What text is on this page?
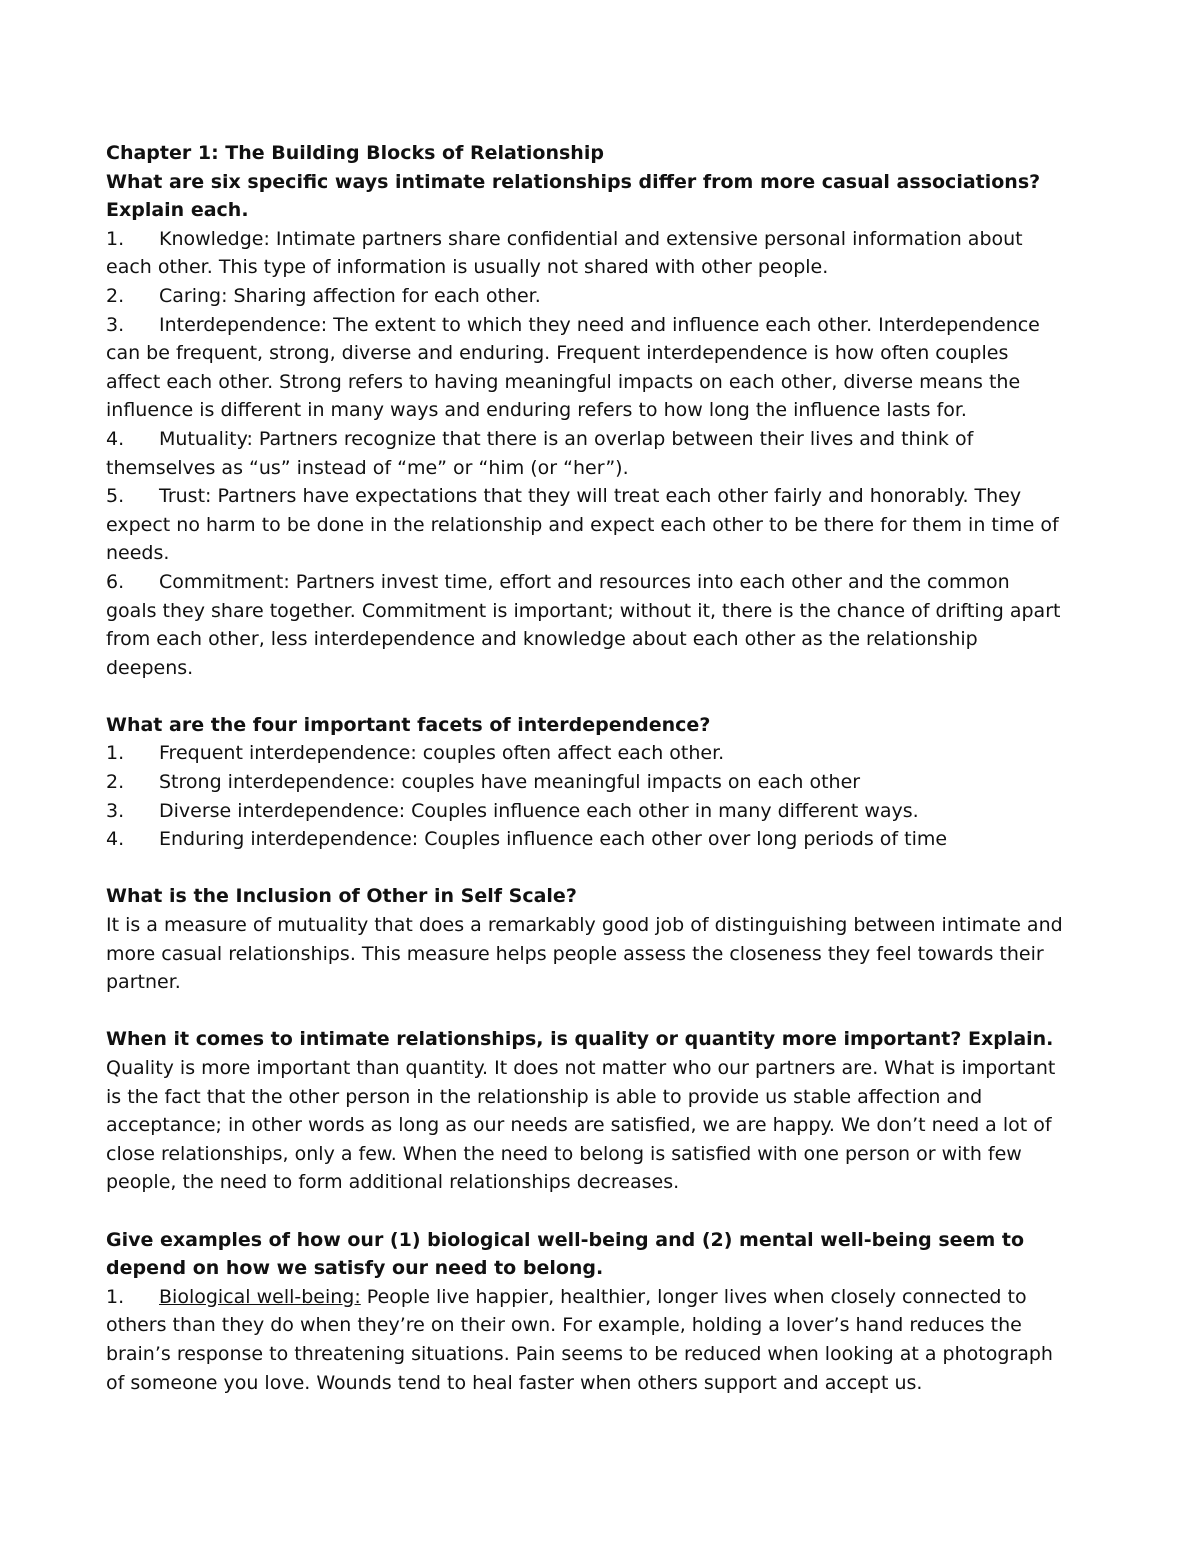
Chapter 1: The Building Blocks of Relationship

What are six specific ways intimate relationships differ from more casual associations? Explain each.

1. Knowledge: Intimate partners share confidential and extensive personal information about each other. This type of information is usually not shared with other people.

2. Caring: Sharing affection for each other.

3. Interdependence: The extent to which they need and influence each other. Interdependence can be frequent, strong, diverse and enduring. Frequent interdependence is how often couples affect each other. Strong refers to having meaningful impacts on each other, diverse means the influence is different in many ways and enduring refers to how long the influence lasts for.

4. Mutuality: Partners recognize that there is an overlap between their lives and think of themselves as “us” instead of “me” or “him (or “her”).

5. Trust: Partners have expectations that they will treat each other fairly and honorably. They expect no harm to be done in the relationship and expect each other to be there for them in time of needs.

6. Commitment: Partners invest time, effort and resources into each other and the common goals they share together. Commitment is important; without it, there is the chance of drifting apart from each other, less interdependence and knowledge about each other as the relationship deepens.

What are the four important facets of interdependence?

1. Frequent interdependence: couples often affect each other.

2. Strong interdependence: couples have meaningful impacts on each other

3. Diverse interdependence: Couples influence each other in many different ways.

4. Enduring interdependence: Couples influence each other over long periods of time

What is the Inclusion of Other in Self Scale?

It is a measure of mutuality that does a remarkably good job of distinguishing between intimate and more casual relationships. This measure helps people assess the closeness they feel towards their partner.

When it comes to intimate relationships, is quality or quantity more important? Explain.

Quality is more important than quantity. It does not matter who our partners are. What is important is the fact that the other person in the relationship is able to provide us stable affection and acceptance; in other words as long as our needs are satisfied, we are happy. We don’t need a lot of close relationships, only a few. When the need to belong is satisfied with one person or with few people, the need to form additional relationships decreases.

Give examples of how our (1) biological well-being and (2) mental well-being seem to depend on how we satisfy our need to belong.

1. Biological well-being: People live happier, healthier, longer lives when closely connected to others than they do when they’re on their own. For example, holding a lover’s hand reduces the brain’s response to threatening situations. Pain seems to be reduced when looking at a photograph of someone you love. Wounds tend to heal faster when others support and accept us.
